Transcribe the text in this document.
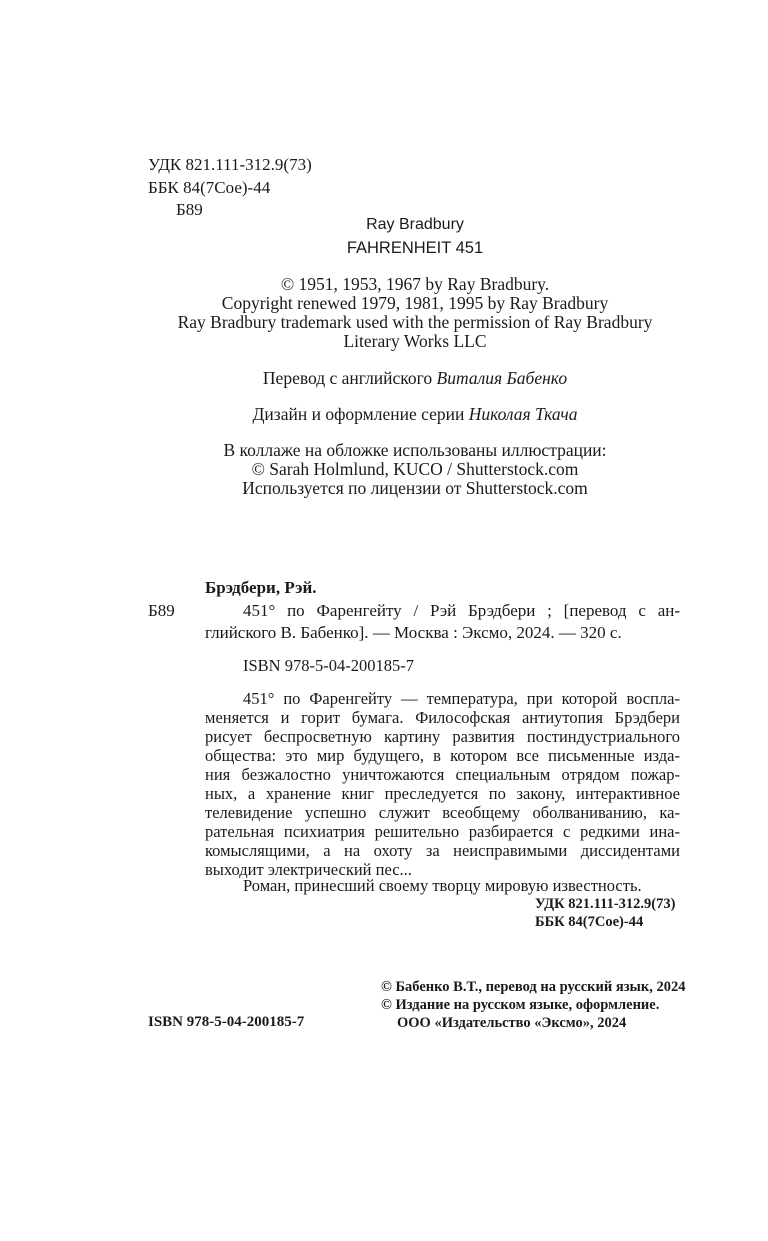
УДК 821.111-312.9(73)
ББК 84(7Сое)-44
Б89
Ray Bradbury
FAHRENHEIT 451
© 1951, 1953, 1967 by Ray Bradbury.
Copyright renewed 1979, 1981, 1995 by Ray Bradbury
Ray Bradbury trademark used with the permission of Ray Bradbury
Literary Works LLC
Перевод с английского Виталия Бабенко
Дизайн и оформление серии Николая Ткача
В коллаже на обложке использованы иллюстрации:
© Sarah Holmlund, KUCO / Shutterstock.com
Используется по лицензии от Shutterstock.com
Брэдбери, Рэй.
Б89	451° по Фаренгейту / Рэй Брэдбери ; [перевод с ан-
глийского В. Бабенко]. — Москва : Эксмо, 2024. — 320 с.
ISBN 978-5-04-200185-7
451° по Фаренгейту — температура, при которой воспла-
меняется и горит бумага. Философская антиутопия Брэдбери
рисует беспросветную картину развития постиндустриального
общества: это мир будущего, в котором все письменные изда-
ния безжалостно уничтожаются специальным отрядом пожар-
ных, а хранение книг преследуется по закону, интерактивное
телевидение успешно служит всеобщему оболваниванию, ка-
рательная психиатрия решительно разбирается с редкими ина-
комыслящими, а на охоту за неисправимыми диссидентами
выходит электрический пес...
Роман, принесший своему творцу мировую известность.
УДК 821.111-312.9(73)
ББК 84(7Сое)-44
ISBN 978-5-04-200185-7
© Бабенко В.Т., перевод на русский язык, 2024
© Издание на русском языке, оформление.
ООО «Издательство «Эксмо», 2024
